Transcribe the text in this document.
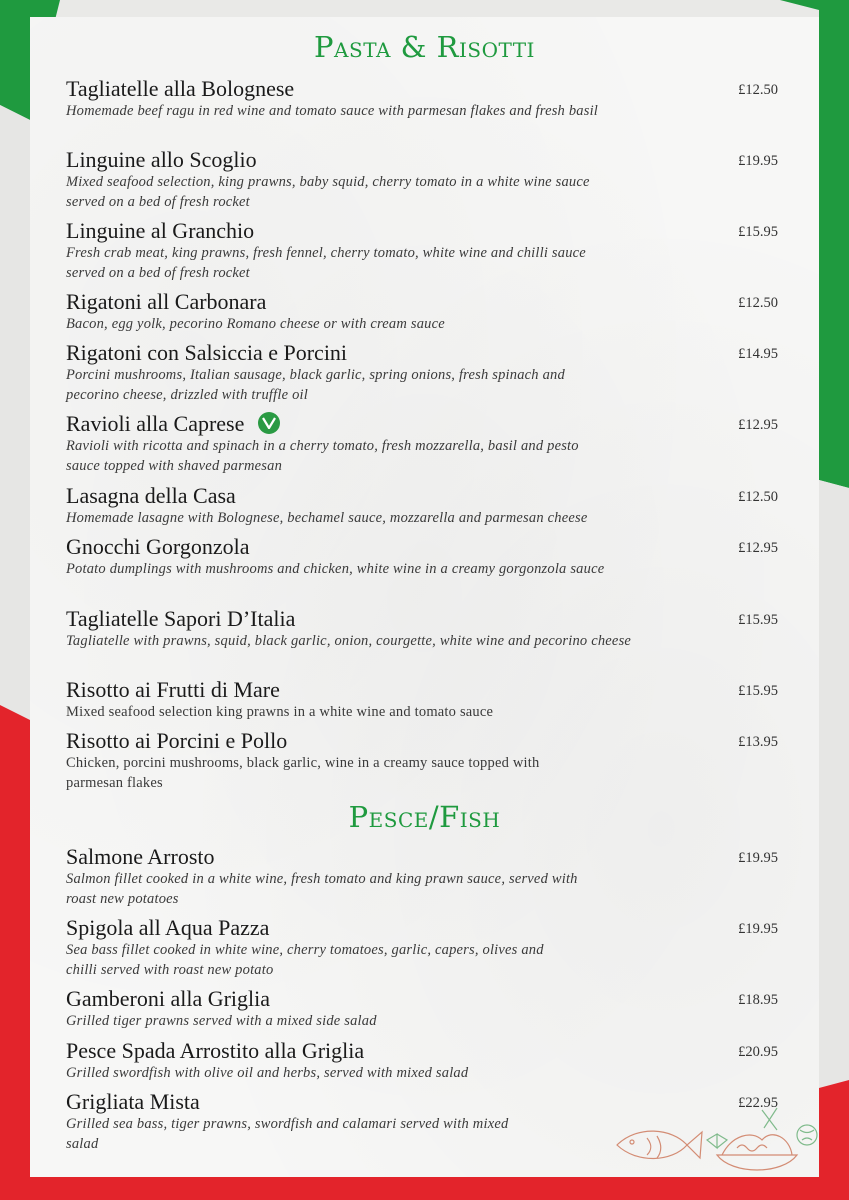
Pasta & Risotti
Tagliatelle alla Bolognese
Homemade beef ragu in red wine and tomato sauce with parmesan flakes and fresh basil
£12.50
Linguine allo Scoglio
Mixed seafood selection, king prawns, baby squid, cherry tomato in a white wine sauce served on a bed of fresh rocket
£19.95
Linguine al Granchio
Fresh crab meat, king prawns, fresh fennel, cherry tomato, white wine and chilli sauce served on a bed of fresh rocket
£15.95
Rigatoni all Carbonara
Bacon, egg yolk, pecorino Romano cheese or with cream sauce
£12.50
Rigatoni con Salsiccia e Porcini
Porcini mushrooms, Italian sausage, black garlic, spring onions, fresh spinach and pecorino cheese, drizzled with truffle oil
£14.95
Ravioli alla Caprese
Ravioli with ricotta and spinach in a cherry tomato, fresh mozzarella, basil and pesto sauce topped with shaved parmesan
£12.95
Lasagna della Casa
Homemade lasagne with Bolognese, bechamel sauce, mozzarella and parmesan cheese
£12.50
Gnocchi Gorgonzola
Potato dumplings with mushrooms and chicken, white wine in a creamy gorgonzola sauce
£12.95
Tagliatelle Sapori D’Italia
Tagliatelle with prawns, squid, black garlic, onion, courgette, white wine and pecorino cheese
£15.95
Risotto ai Frutti di Mare
Mixed seafood selection king prawns in a white wine and tomato sauce
£15.95
Risotto ai Porcini e Pollo
Chicken, porcini mushrooms, black garlic, wine in a creamy sauce topped with parmesan flakes
£13.95
Pesce/Fish
Salmone Arrosto
Salmon fillet cooked in a white wine, fresh tomato and king prawn sauce, served with roast new potatoes
£19.95
Spigola all Aqua Pazza
Sea bass fillet cooked in white wine, cherry tomatoes, garlic, capers, olives and chilli served with roast new potato
£19.95
Gamberoni alla Griglia
Grilled tiger prawns served with a mixed side salad
£18.95
Pesce Spada Arrostito alla Griglia
Grilled swordfish with olive oil and herbs, served with mixed salad
£20.95
Grigliata Mista
Grilled sea bass, tiger prawns, swordfish and calamari served with mixed salad
£22.95
